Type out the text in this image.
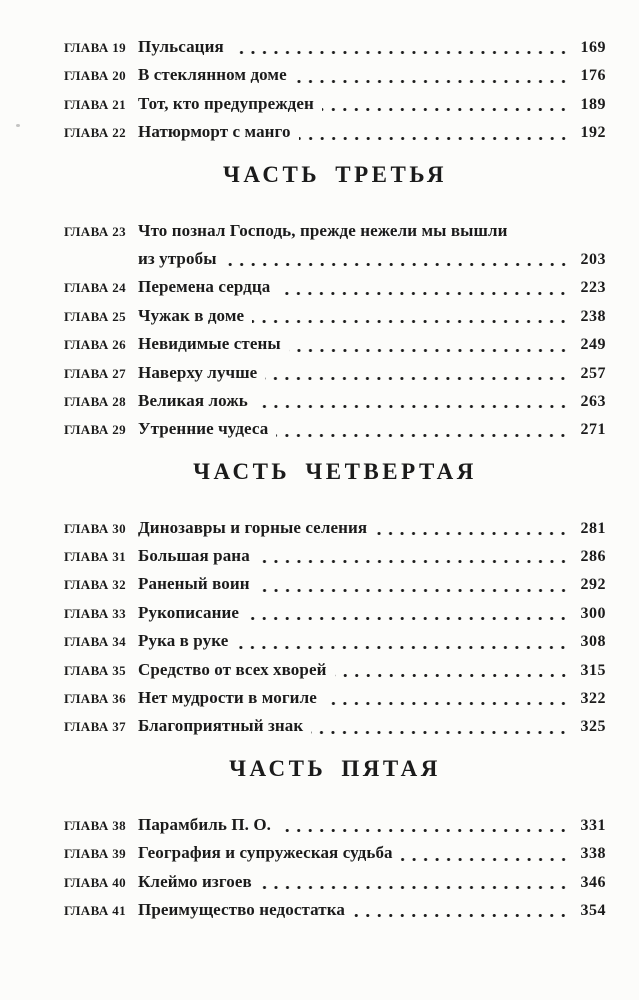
ГЛАВА 19 Пульсация	169
ГЛАВА 20 В стеклянном доме	176
ГЛАВА 21 Тот, кто предупрежден	189
ГЛАВА 22 Натюрморт с манго	192
ЧАСТЬ ТРЕТЬЯ
ГЛАВА 23 Что познал Господь, прежде нежели мы вышли
из утробы	203
ГЛАВА 24 Перемена сердца	223
ГЛАВА 25 Чужак в доме	238
ГЛАВА 26 Невидимые стены	249
ГЛАВА 27 Наверху лучше	257
ГЛАВА 28 Великая ложь	263
ГЛАВА 29 Утренние чудеса	271
ЧАСТЬ ЧЕТВЕРТАЯ
ГЛАВА 30 Динозавры и горные селения	281
ГЛАВА 31 Большая рана	286
ГЛАВА 32 Раненый воин	292
ГЛАВА 33 Рукописание	300
ГЛАВА 34 Рука в руке	308
ГЛАВА 35 Средство от всех хворей	315
ГЛАВА 36 Нет мудрости в могиле	322
ГЛАВА 37 Благоприятный знак	325
ЧАСТЬ ПЯТАЯ
ГЛАВА 38 Парамбиль П. О.	331
ГЛАВА 39 География и супружеская судьба	338
ГЛАВА 40 Клеймо изгоев	346
ГЛАВА 41 Преимущество недостатка	354
